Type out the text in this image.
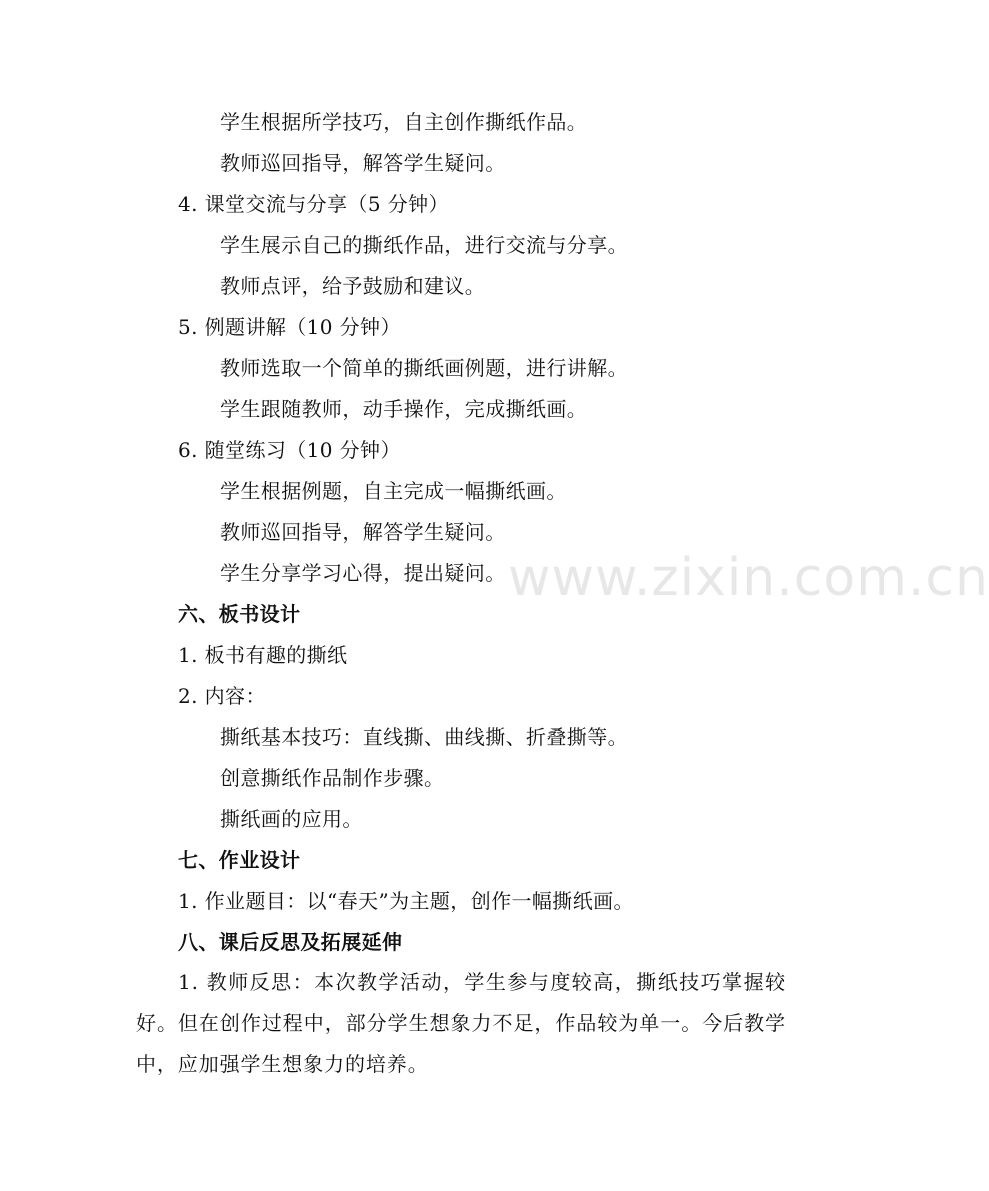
学生根据所学技巧，自主创作撕纸作品。
教师巡回指导，解答学生疑问。
4. 课堂交流与分享（5 分钟）
学生展示自己的撕纸作品，进行交流与分享。
教师点评，给予鼓励和建议。
5. 例题讲解（10 分钟）
教师选取一个简单的撕纸画例题，进行讲解。
学生跟随教师，动手操作，完成撕纸画。
6. 随堂练习（10 分钟）
学生根据例题，自主完成一幅撕纸画。
教师巡回指导，解答学生疑问。
学生分享学习心得，提出疑问。
六、板书设计
1. 板书有趣的撕纸
2. 内容：
撕纸基本技巧：直线撕、曲线撕、折叠撕等。
创意撕纸作品制作步骤。
撕纸画的应用。
七、作业设计
1. 作业题目：以“春天”为主题，创作一幅撕纸画。
八、课后反思及拓展延伸
1. 教师反思：本次教学活动，学生参与度较高，撕纸技巧掌握较好。但在创作过程中，部分学生想象力不足，作品较为单一。今后教学中，应加强学生想象力的培养。
www.zixin.com.cn
